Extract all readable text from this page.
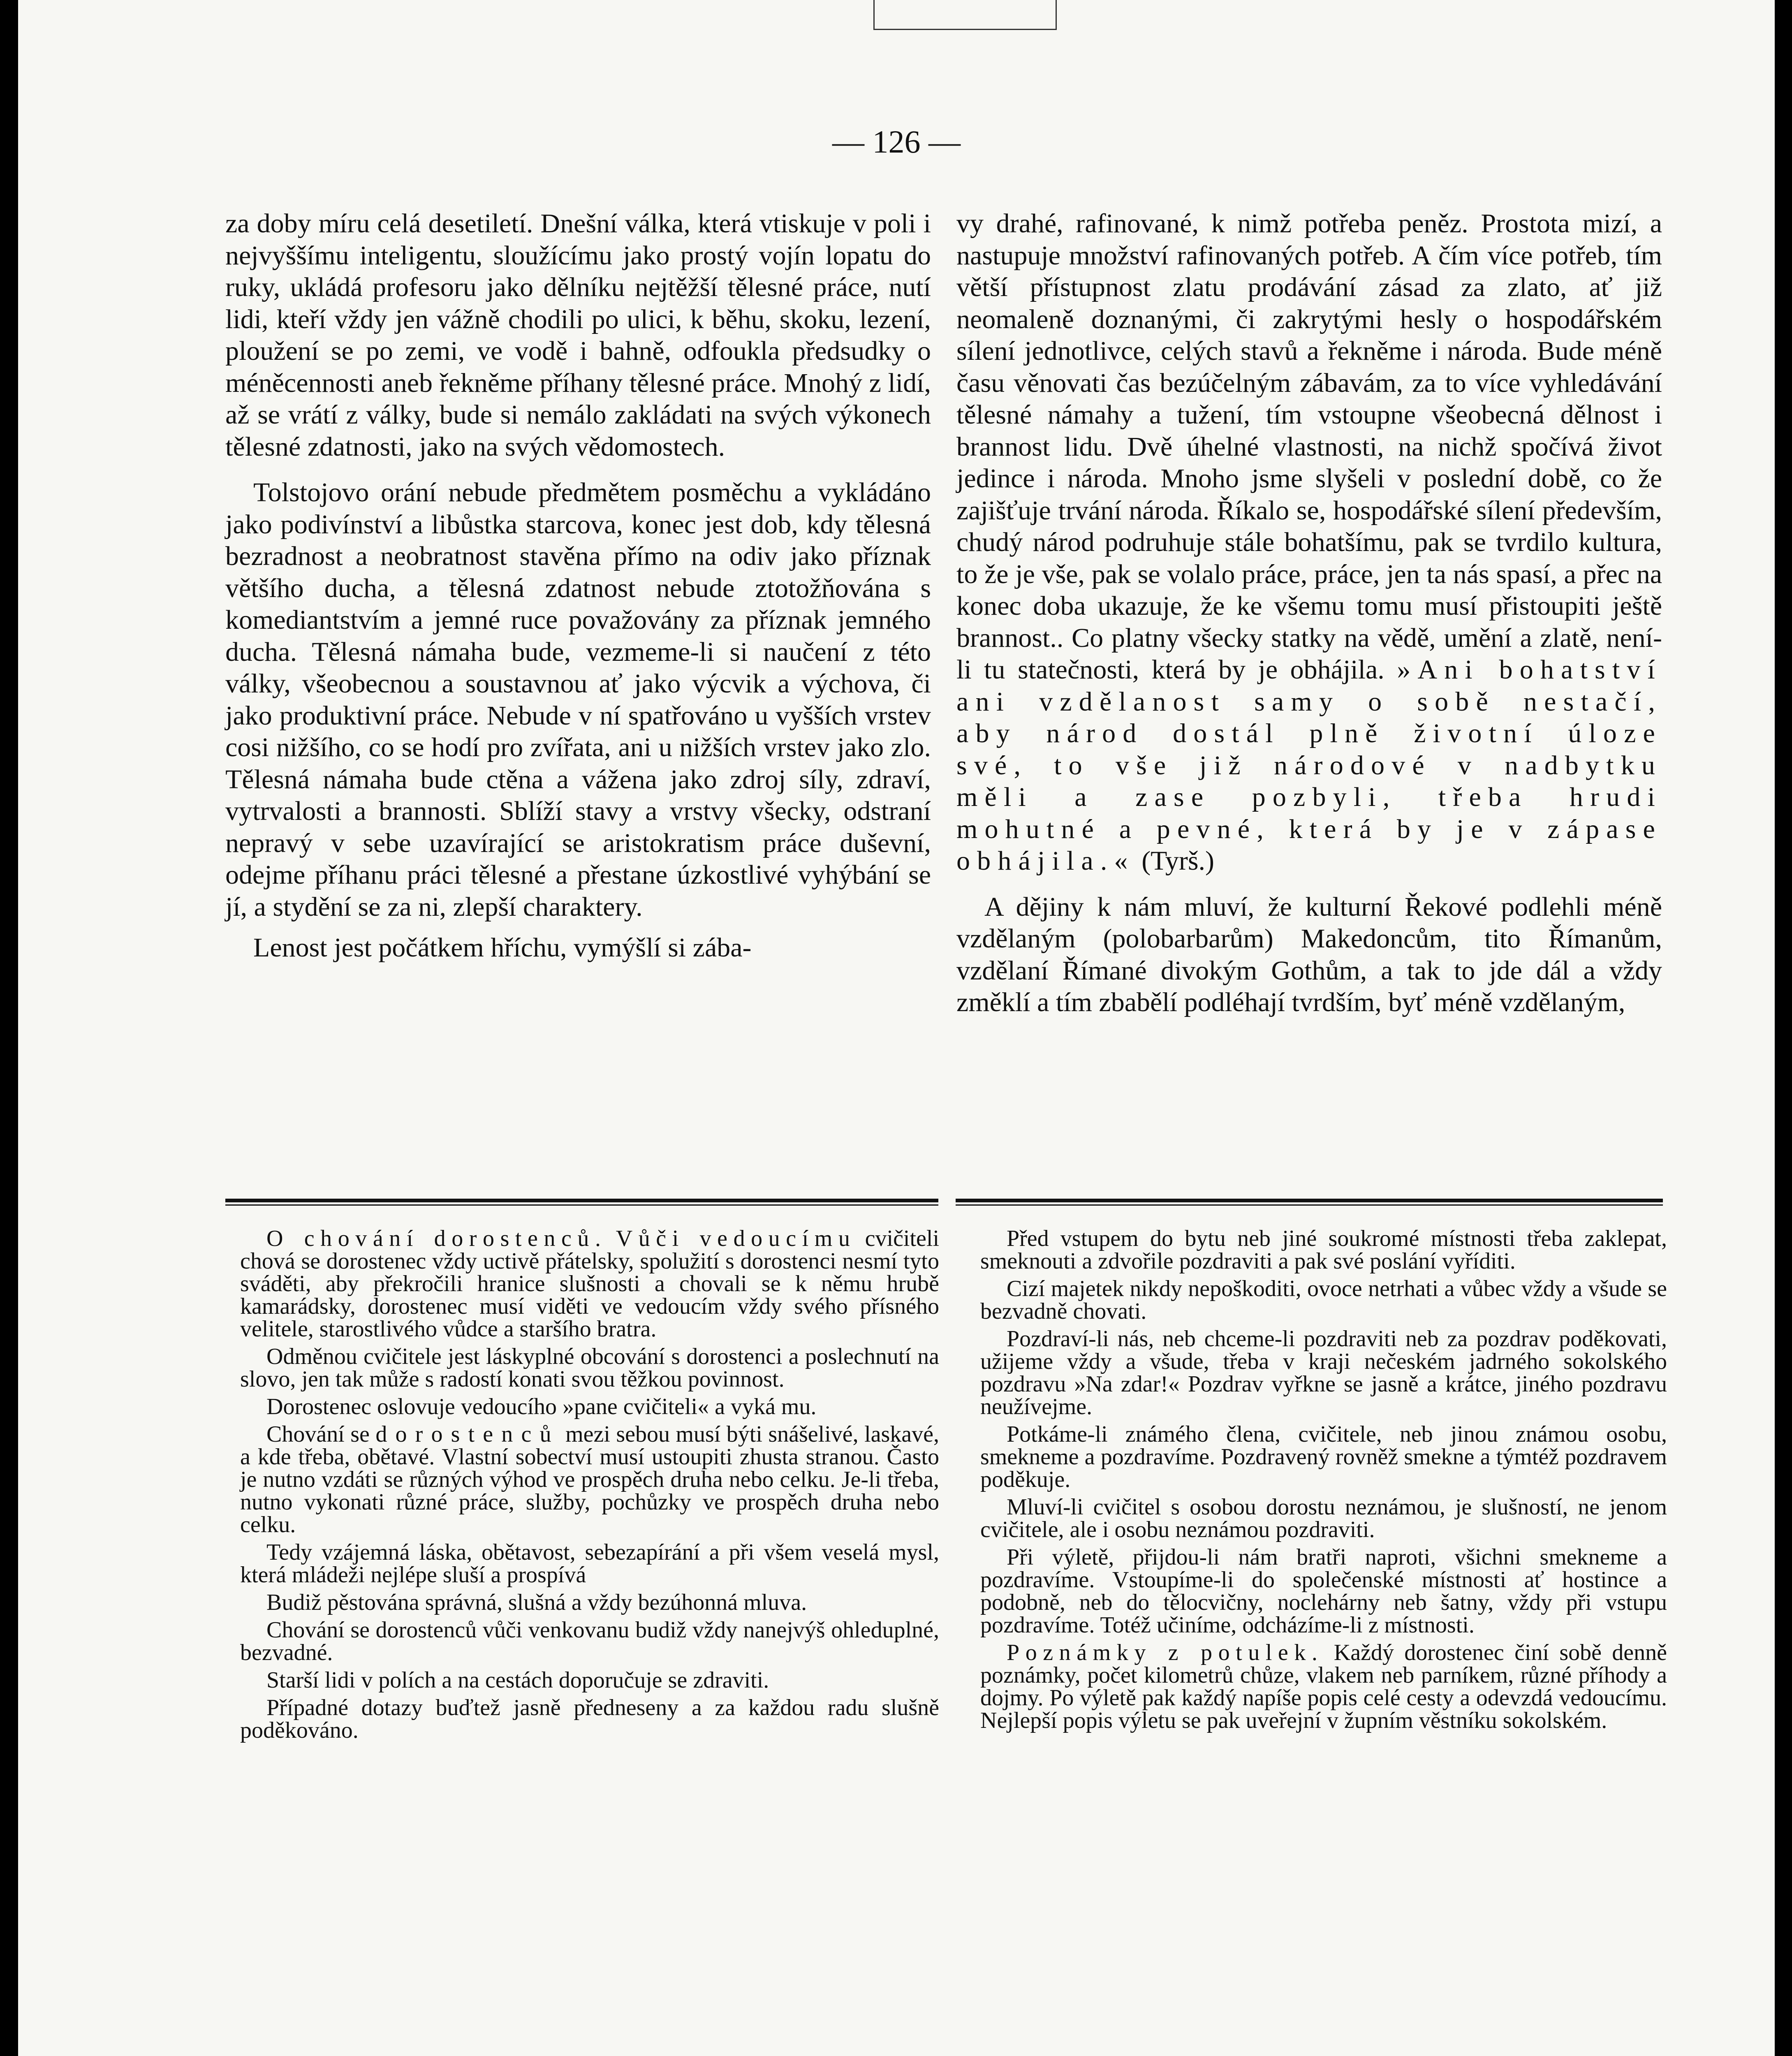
— 126 —

za doby míru celá desetiletí. Dnešní válka, která vtiskuje v poli i nejvyššímu inteligentu, sloužícímu jako prostý vojín lopatu do ruky, ukládá profesoru jako dělníku nejtěžší tělesné práce, nutí lidi, kteří vždy jen vážně chodili po ulici, k běhu, skoku, lezení, ploužení se po zemi, ve vodě i bahně, odfoukla předsudky o méněcennosti aneb řekněme příhany tělesné práce. Mnohý z lidí, až se vrátí z války, bude si nemálo zakládati na svých výkonech tělesné zdatnosti, jako na svých vědomostech.

Tolstojovo orání nebude předmětem posměchu a vykládáno jako podivínství a libůstka starcova, konec jest dob, kdy tělesná bezradnost a neobratnost stavěna přímo na odiv jako příznak většího ducha, a tělesná zdatnost nebude ztotožňována s komediantstvím a jemné ruce považovány za příznak jemného ducha. Tělesná námaha bude, vezmeme-li si naučení z této války, všeobecnou a soustavnou ať jako výcvik a výchova, či jako produktivní práce. Nebude v ní spatřováno u vyšších vrstev cosi nižšího, co se hodí pro zvířata, ani u nižších vrstev jako zlo. Tělesná námaha bude ctěna a vážena jako zdroj síly, zdraví, vytrvalosti a brannosti. Sblíží stavy a vrstvy všecky, odstraní nepravý v sebe uzavírající se aristokratism práce duševní, odejme příhanu práci tělesné a přestane úzkostlivé vyhýbání se jí, a stydění se za ni, zlepší charaktery.

Lenost jest počátkem hříchu, vymýšlí si zába-

vy drahé, rafinované, k nimž potřeba peněz. Prostota mizí, a nastupuje množství rafinovaných potřeb. A čím více potřeb, tím větší přístupnost zlatu prodávání zásad za zlato, ať již neomaleně doznanými, či zakrytými hesly o hospodářském sílení jednotlivce, celých stavů a řekněme i národa. Bude méně času věnovati čas bezúčelným zábavám, za to více vyhledávání tělesné námahy a tužení, tím vstoupne všeobecná dělnost i brannost lidu. Dvě úhelné vlastnosti, na nichž spočívá život jedince i národa. Mnoho jsme slyšeli v poslední době, co že zajišťuje trvání národa. Říkalo se, hospodářské sílení především, chudý národ podruhuje stále bohatšímu, pak se tvrdilo kultura, to že je vše, pak se volalo práce, práce, jen ta nás spasí, a přec na konec doba ukazuje, že ke všemu tomu musí přistoupiti ještě brannost.. Co platny všecky statky na vědě, umění a zlatě, není-li tu statečnosti, která by je obhájila. »Ani bohatství ani vzdělanost samy o sobě nestačí, aby národ dostál plně životní úloze své, to vše již národové v nadbytku měli a zase pozbyli, třeba hrudi mohutné a pevné, která by je v zápase obhájila.« (Tyrš.)

A dějiny k nám mluví, že kulturní Řekové podlehli méně vzdělaným (polobarbarům) Makedoncům, tito Římanům, vzdělaní Římané divokým Gothům, a tak to jde dál a vždy změklí a tím zbabělí podléhají tvrdším, byť méně vzdělaným,

O chování dorostenců. Vůči vedoucímu cvičiteli chová se dorostenec vždy uctivě přátelsky, spolužití s dorostenci nesmí tyto sváděti, aby překročili hranice slušnosti a chovali se k němu hrubě kamarádsky, dorostenec musí viděti ve vedoucím vždy svého přísného velitele, starostlivého vůdce a staršího bratra.

Odměnou cvičitele jest láskyplné obcování s dorostenci a poslechnutí na slovo, jen tak může s radostí konati svou těžkou povinnost.

Dorostenec oslovuje vedoucího »pane cvičiteli« a vyká mu.

Chování se dorostenců mezi sebou musí býti snášelivé, laskavé, a kde třeba, obětavé. Vlastní sobectví musí ustoupiti zhusta stranou. Často je nutno vzdáti se různých výhod ve prospěch druha nebo celku. Je-li třeba, nutno vykonati různé práce, služby, pochůzky ve prospěch druha nebo celku.

Tedy vzájemná láska, obětavost, sebezapírání a při všem veselá mysl, která mládeži nejlépe sluší a prospívá

Budiž pěstována správná, slušná a vždy bezúhonná mluva.

Chování se dorostenců vůči venkovanu budiž vždy nanejvýš ohleduplné, bezvadné.

Starší lidi v polích a na cestách doporučuje se zdraviti.

Případné dotazy buďtež jasně předneseny a za každou radu slušně poděkováno.

Před vstupem do bytu neb jiné soukromé místnosti třeba zaklepat, smeknouti a zdvořile pozdraviti a pak své poslání vyříditi.

Cizí majetek nikdy nepoškoditi, ovoce netrhati a vůbec vždy a všude se bezvadně chovati.

Pozdraví-li nás, neb chceme-li pozdraviti neb za pozdrav poděkovati, užijeme vždy a všude, třeba v kraji nečeském jadrného sokolského pozdravu »Na zdar!« Pozdrav vyřkne se jasně a krátce, jiného pozdravu neužívejme.

Potkáme-li známého člena, cvičitele, neb jinou známou osobu, smekneme a pozdravíme. Pozdravený rovněž smekne a týmtéž pozdravem poděkuje.

Mluví-li cvičitel s osobou dorostu neznámou, je slušností, ne jenom cvičitele, ale i osobu neznámou pozdraviti.

Při výletě, přijdou-li nám bratři naproti, všichni smekneme a pozdravíme. Vstoupíme-li do společenské místnosti ať hostince a podobně, neb do tělocvičny, noclehárny neb šatny, vždy při vstupu pozdravíme. Totéž učiníme, odcházíme-li z místnosti.

Poznámky z potulek. Každý dorostenec činí sobě denně poznámky, počet kilometrů chůze, vlakem neb parníkem, různé příhody a dojmy. Po výletě pak každý napíše popis celé cesty a odevzdá vedoucímu. Nejlepší popis výletu se pak uveřejní v župním věstníku sokolském.
